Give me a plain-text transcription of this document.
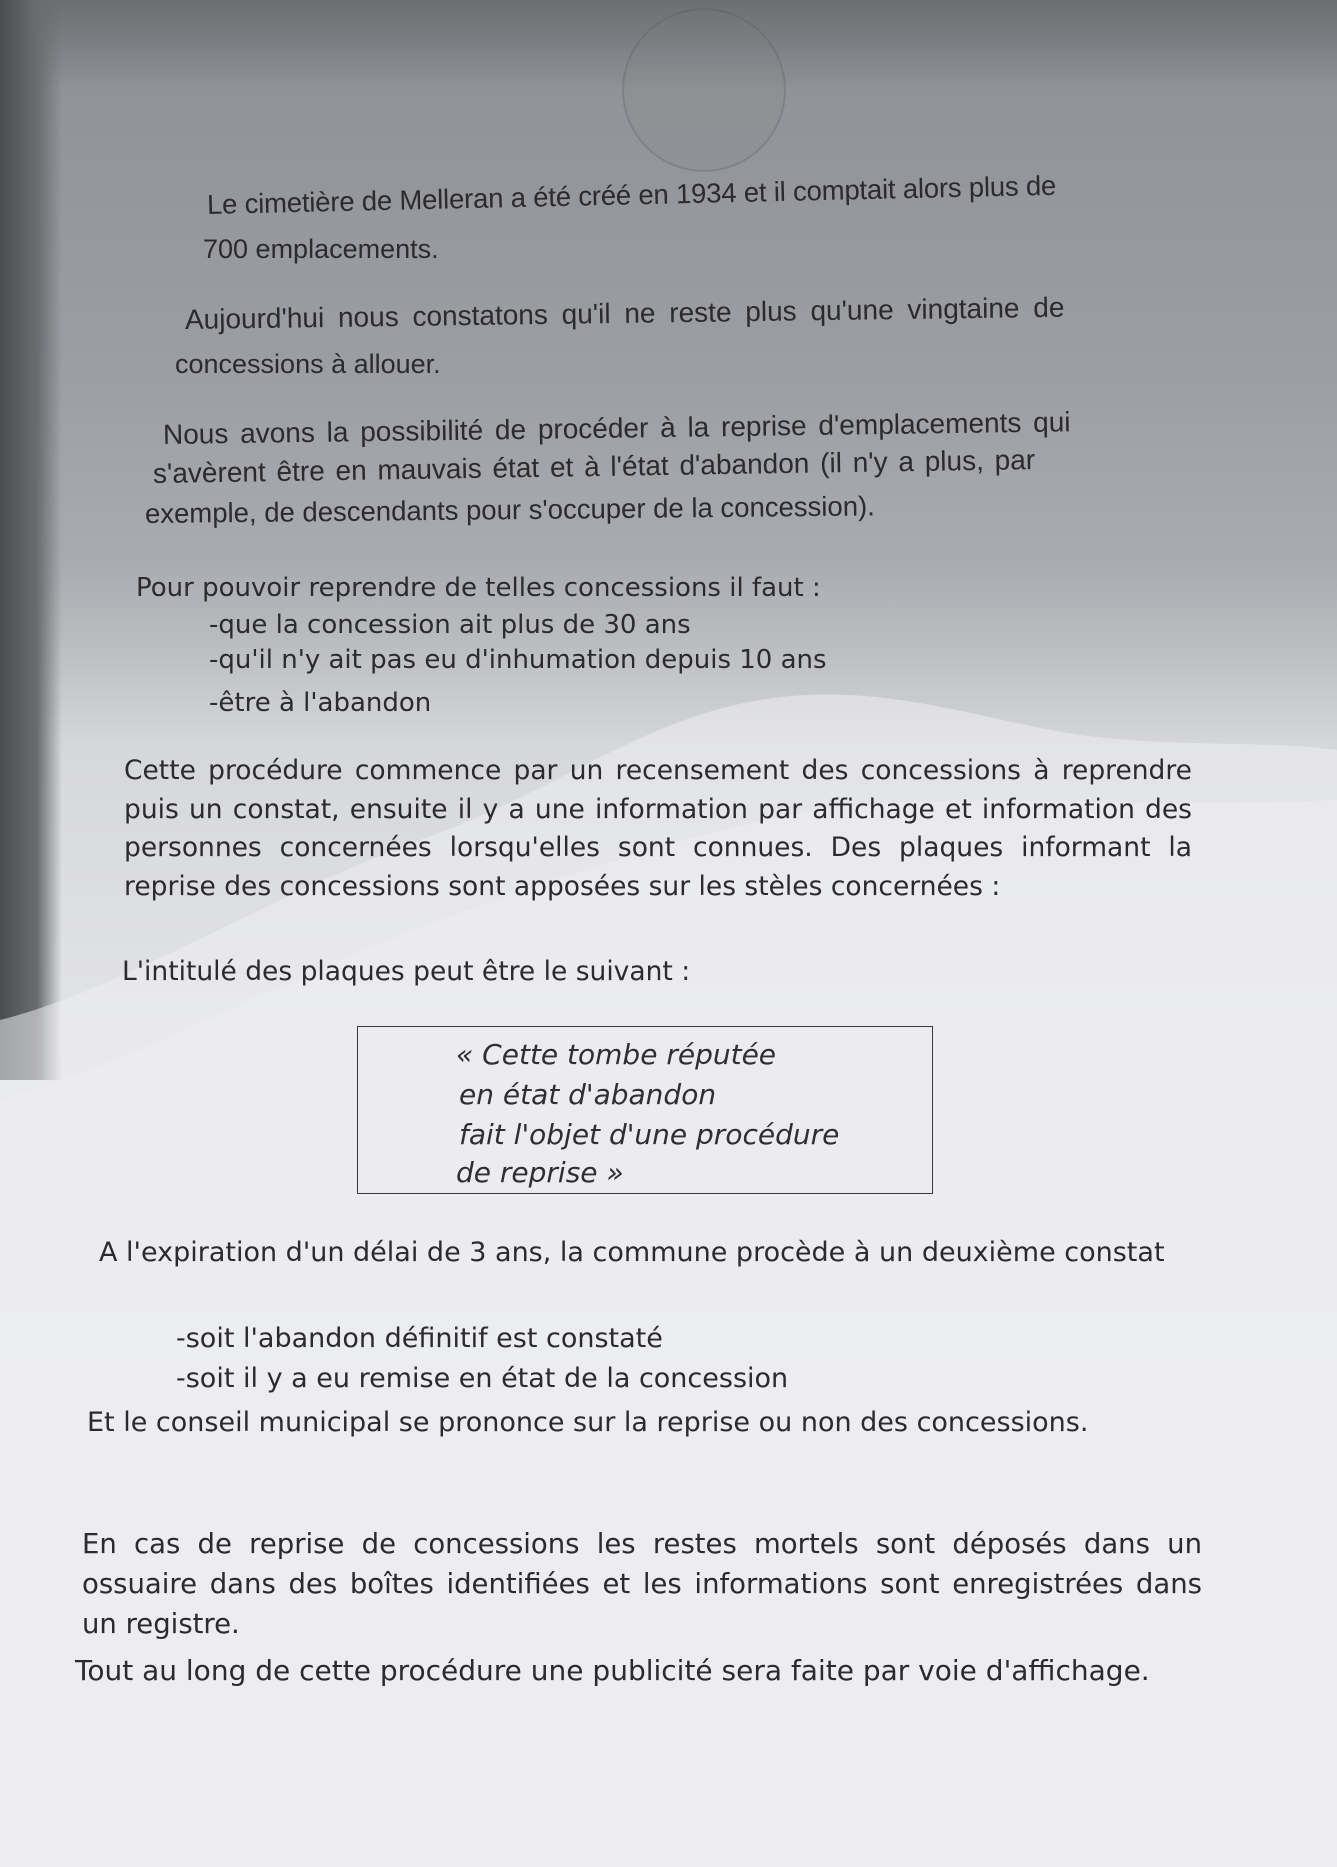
Le cimetière de Melleran a été créé en 1934 et il comptait alors plus de

700 emplacements.

Aujourd'hui nous constatons qu'il ne reste plus qu'une vingtaine de

concessions à allouer.

Nous avons la possibilité de procéder à la reprise d'emplacements qui

s'avèrent être en mauvais état et à l'état d'abandon (il n'y a plus, par

exemple, de descendants pour s'occuper de la concession).

Pour pouvoir reprendre de telles concessions il faut :

-que la concession ait plus de 30 ans

-qu'il n'y ait pas eu d'inhumation depuis 10 ans

-être à l'abandon

Cette procédure commence par un recensement des concessions à reprendre puis un constat, ensuite il y a une information par affichage et information des personnes concernées lorsqu'elles sont connues. Des plaques informant la reprise des concessions sont apposées sur les stèles concernées :

L'intitulé des plaques peut être le suivant :

« Cette tombe réputée

en état d'abandon

fait l'objet d'une procédure

de reprise »

A l'expiration d'un délai de 3 ans, la commune procède à un deuxième constat

-soit l'abandon définitif est constaté

-soit il y a eu remise en état de la concession

Et le conseil municipal se prononce sur la reprise ou non des concessions.

En cas de reprise de concessions les restes mortels sont déposés dans un ossuaire dans des boîtes identifiées et les informations sont enregistrées dans un registre.

Tout au long de cette procédure une publicité sera faite par voie d'affichage.
